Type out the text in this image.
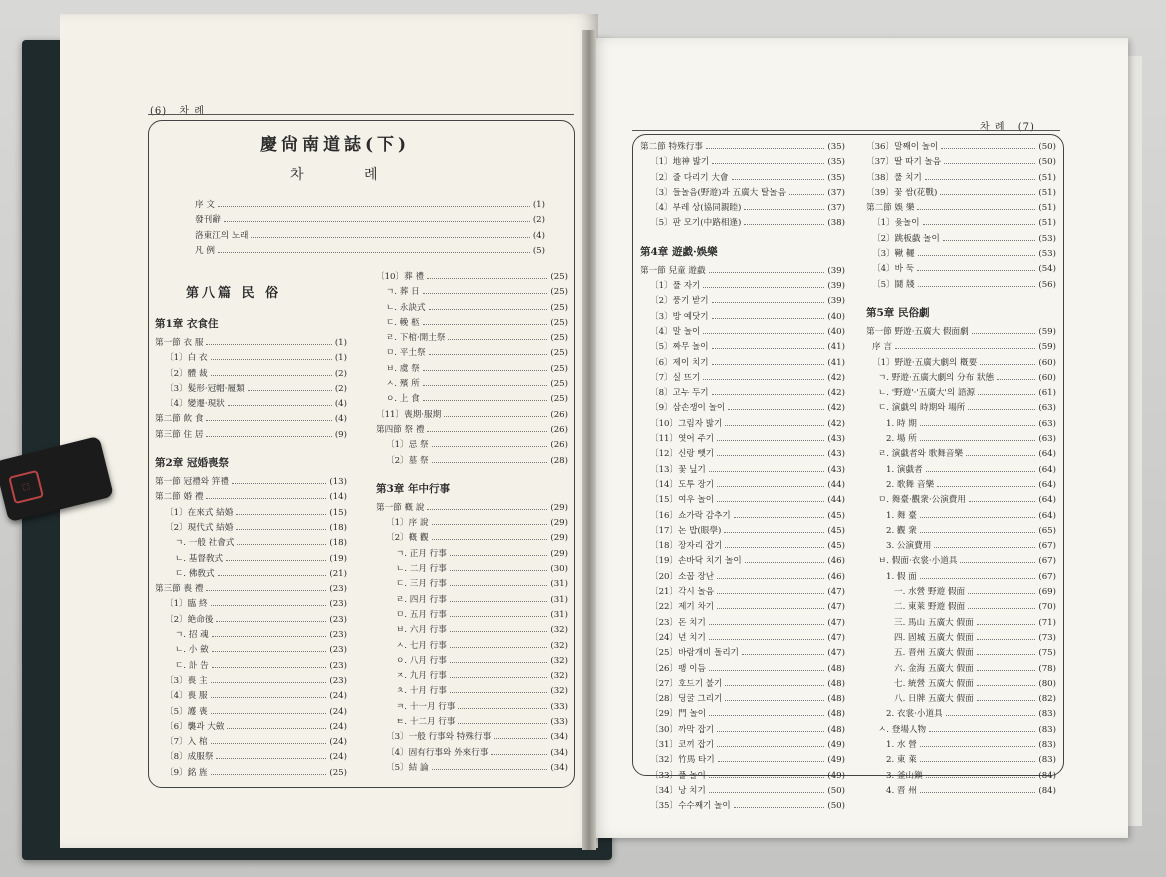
(6) 차 례
慶尙南道誌(下)
차 례
序 文	(1)
發刊辭	(2)
洛東江의 노래	(4)
凡 例	(5)
第八篇 民 俗
第1章 衣食住
第一節 衣 服	(1)
〔1〕白 衣	(1)
〔2〕體 裁	(2)
〔3〕髮形·冠帽·履類	(2)
〔4〕變遷·現狀	(4)
第二節 飮 食	(4)
第三節 住 居	(9)
第2章 冠婚喪祭
第一節 冠禮와 笄禮	(13)
第二節 婚 禮	(14)
〔1〕在來式 結婚	(15)
〔2〕現代式 結婚	(18)
ㄱ. 一般 社會式	(18)
ㄴ. 基督敎式	(19)
ㄷ. 佛敎式	(21)
第三節 喪 禮	(23)
〔1〕臨 終	(23)
〔2〕絶命後	(23)
ㄱ. 招 魂	(23)
ㄴ. 小 斂	(23)
ㄷ. 訃 告	(23)
〔3〕喪 主	(23)
〔4〕喪 服	(24)
〔5〕護 喪	(24)
〔6〕襲과 大斂	(24)
〔7〕入 棺	(24)
〔8〕成服祭	(24)
〔9〕銘 旌	(25)
〔10〕葬 禮	(25)
ㄱ. 葬 日	(25)
ㄴ. 永訣式	(25)
ㄷ. 輓 柩	(25)
ㄹ. 下棺·開土祭	(25)
ㅁ. 平土祭	(25)
ㅂ. 虞 祭	(25)
ㅅ. 殯 所	(25)
ㅇ. 上 食	(25)
〔11〕喪期·服期	(26)
第四節 祭 禮	(26)
〔1〕忌 祭	(26)
〔2〕墓 祭	(28)
第3章 年中行事
第一節 槪 說	(29)
〔1〕序 說	(29)
〔2〕槪 觀	(29)
ㄱ. 正月 行事	(29)
ㄴ. 二月 行事	(30)
ㄷ. 三月 行事	(31)
ㄹ. 四月 行事	(31)
ㅁ. 五月 行事	(31)
ㅂ. 六月 行事	(32)
ㅅ. 七月 行事	(32)
ㅇ. 八月 行事	(32)
ㅈ. 九月 行事	(32)
ㅊ. 十月 行事	(32)
ㅋ. 十一月 行事	(33)
ㅌ. 十二月 行事	(33)
〔3〕一般 行事와 特殊行事	(34)
〔4〕固有行事와 外來行事	(34)
〔5〕結 論	(34)
차 례 (7)
第二節 特殊行事	(35)
〔1〕地神 밟기	(35)
〔2〕줄 다리기 大會	(35)
〔3〕들놀음(野遊)과 五廣大 탈놀음	(37)
〔4〕부레 상(協同親睦)	(37)
〔5〕판 모기(中路相逢)	(38)
第4章 遊戱·娛樂
第一節 兒童 遊戱	(39)
〔1〕풀 자기	(39)
〔2〕풍기 받기	(39)
〔3〕방 예닷기	(40)
〔4〕말 놀이	(40)
〔5〕짜무 놀이	(41)
〔6〕제이 치기	(41)
〔7〕실 뜨기	(42)
〔8〕고누 두기	(42)
〔9〕삼손쟁이 놀이	(42)
〔10〕그림자 밟기	(42)
〔11〕엿어 주기	(43)
〔12〕신랑 뺏기	(43)
〔13〕꽃 닢기	(43)
〔14〕도투 장기	(44)
〔15〕여우 놀이	(44)
〔16〕쇼가락 감추기	(45)
〔17〕논 밥(眼學)	(45)
〔18〕장자리 잡기	(45)
〔19〕손바닥 치기 놀이	(46)
〔20〕소꿉 장난	(46)
〔21〕각시 놀음	(47)
〔22〕제기 차기	(47)
〔23〕돈 치기	(47)
〔24〕년 치기	(47)
〔25〕바람개비 돌리기	(47)
〔26〕팽 이듬	(48)
〔27〕호드기 불기	(48)
〔28〕딩굴 그리기	(48)
〔29〕門 놀이	(48)
〔30〕까막 잡기	(48)
〔31〕코끼 잡기	(49)
〔32〕竹馬 타기	(49)
〔33〕풀 놀이	(49)
〔34〕낭 치기	(50)
〔35〕수수째기 놀이	(50)
〔36〕말째이 놀이	(50)
〔37〕딸 따기 놀음	(50)
〔38〕풀 치기	(51)
〔39〕꽃 쌈(花戰)	(51)
第二節 娛 樂	(51)
〔1〕윷놀이	(51)
〔2〕跳板戱 놀이	(53)
〔3〕鞦 韆	(53)
〔4〕바 둑	(54)
〔5〕鬪 牋	(56)
第5章 民俗劇
第一節 野遊·五廣大 假面劇	(59)
序 言	(59)
〔1〕野遊·五廣大劇의 槪要	(60)
ㄱ. 野遊·五廣大劇의 分布 狀態	(60)
ㄴ. '野遊'·'五廣大'의 語源	(61)
ㄷ. 演戱의 時期와 場所	(63)
1. 時 期	(63)
2. 場 所	(63)
ㄹ. 演戱者와 歌舞音樂	(64)
1. 演戱者	(64)
2. 歌舞 音樂	(64)
ㅁ. 舞臺·觀衆·公演費用	(64)
1. 舞 臺	(64)
2. 觀 衆	(65)
3. 公演費用	(67)
ㅂ. 假面·衣裳·小道具	(67)
1. 假 面	(67)
一. 水營 野遊 假面	(69)
二. 東萊 野遊 假面	(70)
三. 馬山 五廣大 假面	(71)
四. 固城 五廣大 假面	(73)
五. 晋州 五廣大 假面	(75)
六. 金海 五廣大 假面	(78)
七. 統營 五廣大 假面	(80)
八. 日牌 五廣大 假面	(82)
2. 衣裳·小道具	(83)
ㅅ. 登場人物	(83)
1. 水 營	(83)
2. 東 萊	(83)
3. 釜山鎭	(84)
4. 晋 州	(84)
⬚
